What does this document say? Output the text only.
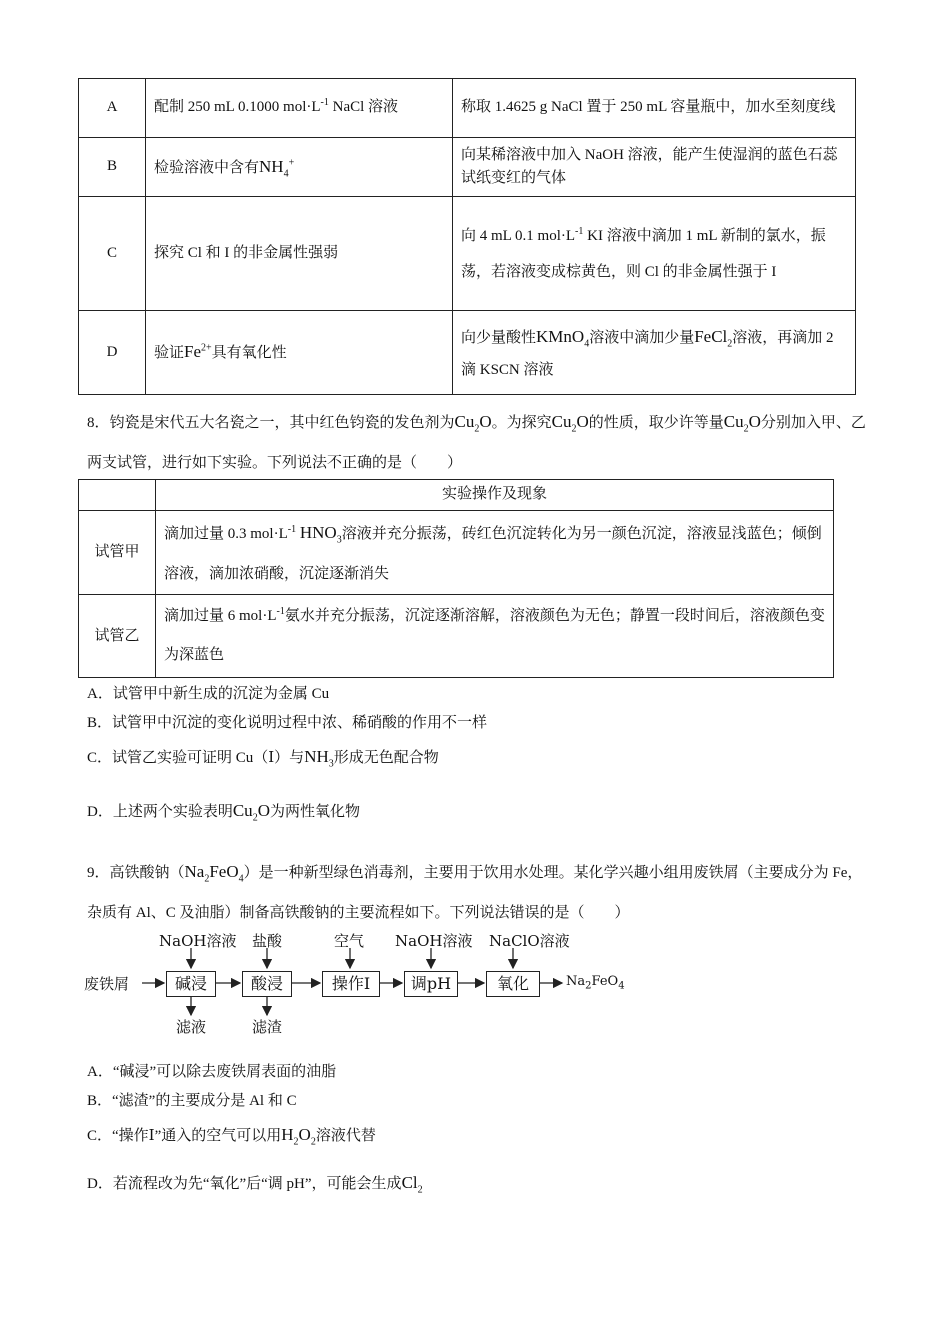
A	配制 250 mL 0.1000 $mol\cdot L^{-1}$ NaCl 溶液	称取 1.4625 g NaCl 置于 250 mL 容量瓶中，加水至刻度线
B	检验溶液中含有$NH_4^+$	向某稀溶液中加入 NaOH 溶液，能产生使湿润的蓝色石蕊试纸变红的气体
C	探究 Cl 和 I 的非金属性强弱	向 4 mL 0.1 $mol\cdot L^{-1}$ KI 溶液中滴加 1 mL 新制的氯水，振荡，若溶液变成棕黄色，则 Cl 的非金属性强于 I
D	验证$Fe^{2+}$具有氧化性	向少量酸性KMnO$_4$溶液中滴加少量FeCl$_2$溶液，再滴加 2 滴 KSCN 溶液
8．钧瓷是宋代五大名瓷之一，其中红色钧瓷的发色剂为$Cu_2O$。为探究$Cu_2O$的性质，取少许等量$Cu_2O$分别加入甲、乙两支试管，进行如下实验。下列说法不正确的是（　　）
	实验操作及现象
试管甲	滴加过量 0.3 $mol\cdot L^{-1}$ $HNO_3$溶液并充分振荡，砖红色沉淀转化为另一颜色沉淀，溶液显浅蓝色；倾倒溶液，滴加浓硝酸，沉淀逐渐消失
试管乙	滴加过量 6 $mol\cdot L^{-1}$氨水并充分振荡，沉淀逐渐溶解，溶液颜色为无色；静置一段时间后，溶液颜色变为深蓝色
A．试管甲中新生成的沉淀为金属 Cu
B．试管甲中沉淀的变化说明过程中浓、稀硝酸的作用不一样
C．试管乙实验可证明 Cu（Ⅰ）与$NH_3$形成无色配合物
D．上述两个实验表明$Cu_2O$为两性氧化物
9．高铁酸钠$(Na_2FeO_4)$是一种新型绿色消毒剂，主要用于饮用水处理。某化学兴趣小组用废铁屑（主要成分为 Fe，杂质有 Al、C 及油脂）制备高铁酸钠的主要流程如下。下列说法错误的是（　　）
废铁屑	碱浸	酸浸	操作Ⅰ	调pH	氧化
NaOH溶液 盐酸	空气 NaOH溶液 NaClO溶液
滤液	滤渣
$Na_2FeO_4$
A．“碱浸”可以除去废铁屑表面的油脂
B．“滤渣”的主要成分是 Al 和 C
C．“操作Ⅰ”通入的空气可以用$H_2O_2$溶液代替
D．若流程改为先“氧化”后“调 pH”，可能会生成$Cl_2$
